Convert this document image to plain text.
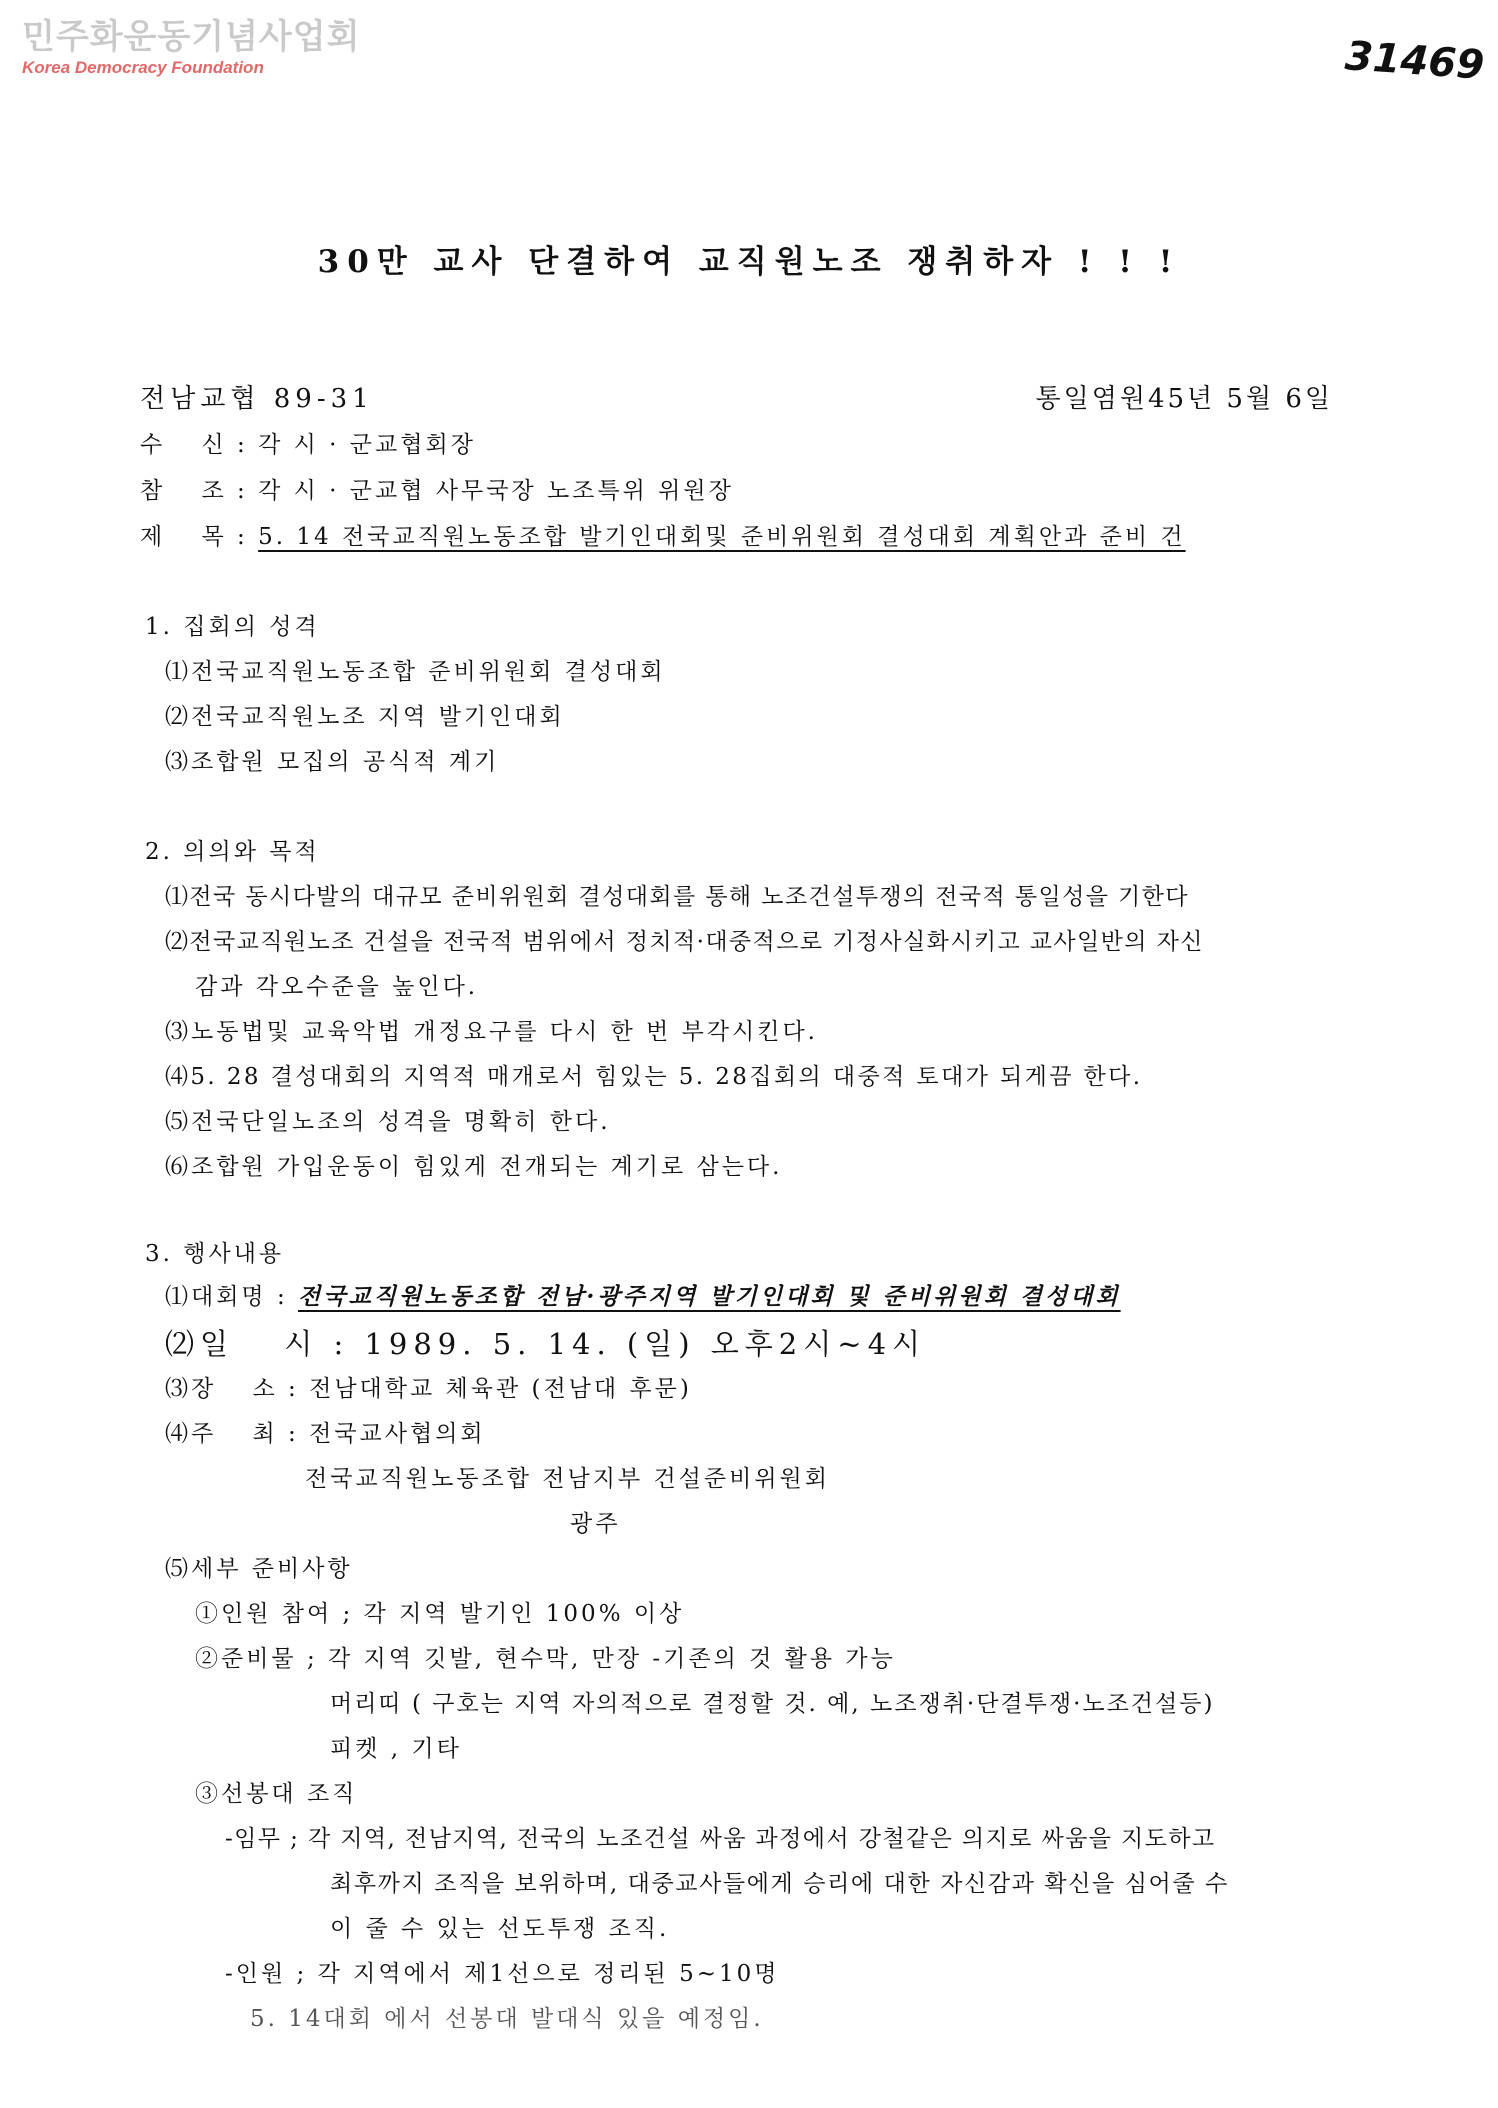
민주화운동기념사업회
Korea Democracy Foundation	31469
30만 교사 단결하여 교직원노조 쟁취하자 ! ! !
전남교협 89-31	통일염원45년 5월 6일
수　 신 : 각 시 · 군교협회장
참　 조 : 각 시 · 군교협 사무국장 노조특위 위원장
제　 목 : 5. 14 전국교직원노동조합 발기인대회및 준비위원회 결성대회 계획안과 준비 건
1. 집회의 성격
⑴전국교직원노동조합 준비위원회 결성대회
⑵전국교직원노조 지역 발기인대회
⑶조합원 모집의 공식적 계기
2. 의의와 목적
⑴전국 동시다발의 대규모 준비위원회 결성대회를 통해 노조건설투쟁의 전국적 통일성을 기한다
⑵전국교직원노조 건설을 전국적 범위에서 정치적·대중적으로 기정사실화시키고 교사일반의 자신
감과 각오수준을 높인다.
⑶노동법및 교육악법 개정요구를 다시 한 번 부각시킨다.
⑷5. 28 결성대회의 지역적 매개로서 힘있는 5. 28집회의 대중적 토대가 되게끔 한다.
⑸전국단일노조의 성격을 명확히 한다.
⑹조합원 가입운동이 힘있게 전개되는 계기로 삼는다.
3. 행사내용
⑴대회명 : 전국교직원노동조합 전남·광주지역 발기인대회 및 준비위원회 결성대회
⑵일　 시 : 1989. 5. 14. (일) 오후2시~4시
⑶장　 소 : 전남대학교 체육관 (전남대 후문)
⑷주　 최 : 전국교사협의회
전국교직원노동조합 전남지부 건설준비위원회
광주
⑸세부 준비사항
①인원 참여 ; 각 지역 발기인 100% 이상
②준비물 ; 각 지역 깃발, 현수막, 만장 -기존의 것 활용 가능
머리띠 ( 구호는 지역 자의적으로 결정할 것. 예, 노조쟁취·단결투쟁·노조건설등)
피켓 , 기타
③선봉대 조직
-임무 ; 각 지역, 전남지역, 전국의 노조건설 싸움 과정에서 강철같은 의지로 싸움을 지도하고
최후까지 조직을 보위하며, 대중교사들에게 승리에 대한 자신감과 확신을 심어줄 수
이 줄 수 있는 선도투쟁 조직.
-인원 ; 각 지역에서 제1선으로 정리된 5~10명
5. 14대회 에서 선봉대 발대식 있을 예정임.
